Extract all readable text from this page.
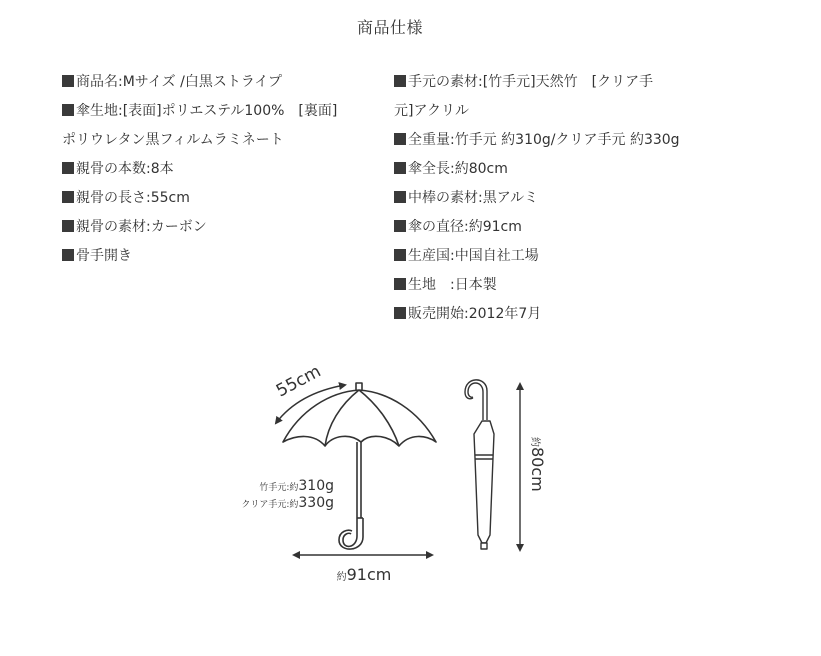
商品仕様
商品名:Mサイズ /白黒ストライプ
傘生地:[表面]ポリエステル100%　[裏面]
ポリウレタン黒フィルムラミネート
親骨の本数:8本
親骨の長さ:55cm
親骨の素材:カーボン
骨手開き
手元の素材:[竹手元]天然竹　[クリア手
元]アクリル
全重量:竹手元 約310g/クリア手元 約330g
傘全長:約80cm
中棒の素材:黒アルミ
傘の直径:約91cm
生産国:中国自社工場
生地　:日本製
販売開始:2012年7月
55cm
竹手元:約310g
クリア手元:約330g
約91cm
約80cm
